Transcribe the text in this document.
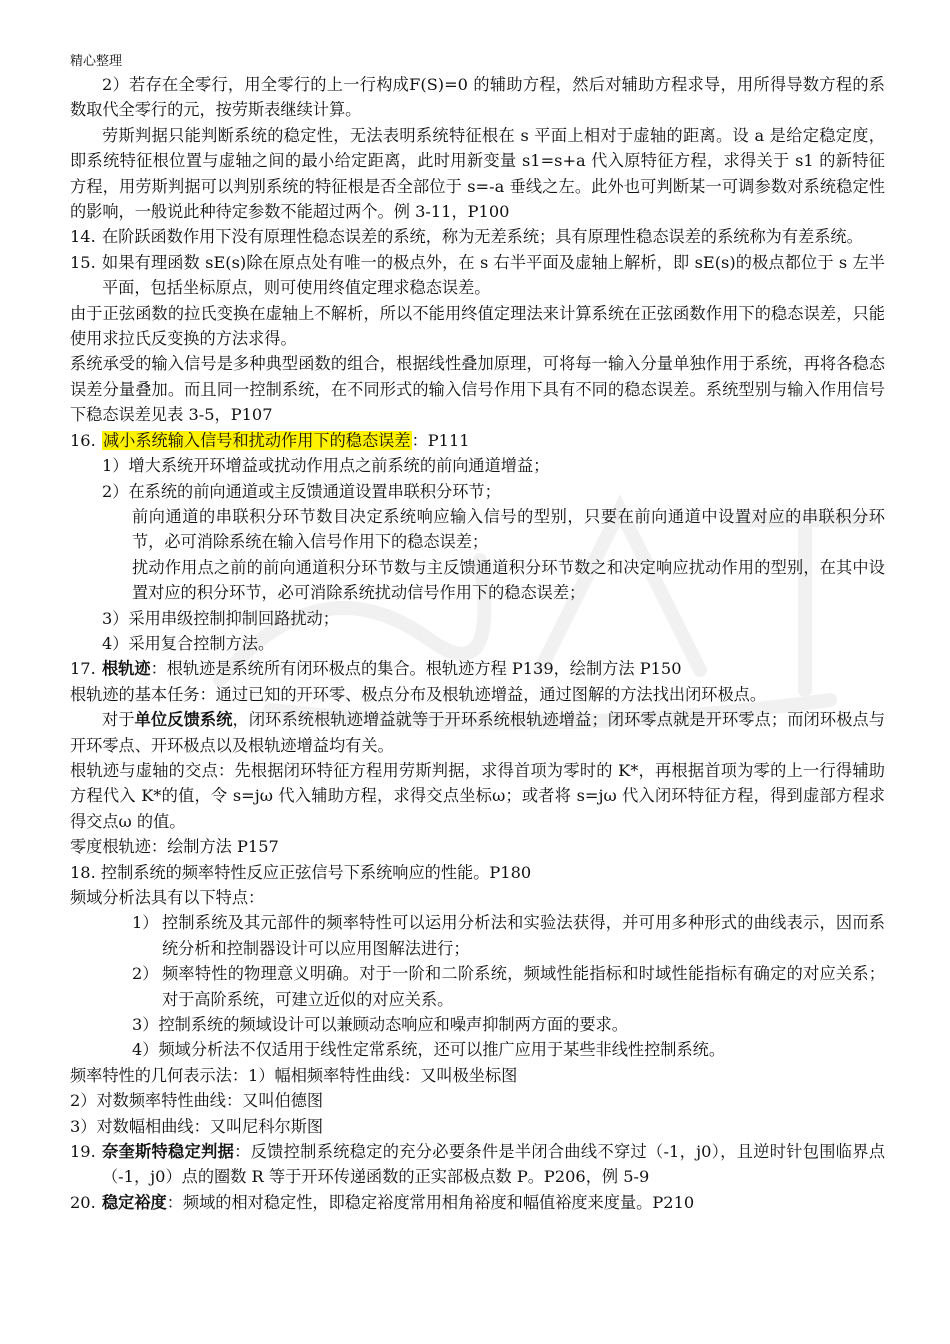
精心整理

2）若存在全零行，用全零行的上一行构成F(S)=0 的辅助方程，然后对辅助方程求导，用所得导数方程的系数取代全零行的元，按劳斯表继续计算。

劳斯判据只能判断系统的稳定性，无法表明系统特征根在 s 平面上相对于虚轴的距离。设 a 是给定稳定度，即系统特征根位置与虚轴之间的最小给定距离，此时用新变量 s1=s+a 代入原特征方程，求得关于 s1 的新特征方程，用劳斯判据可以判别系统的特征根是否全部位于 s=-a 垂线之左。此外也可判断某一可调参数对系统稳定性的影响，一般说此种待定参数不能超过两个。例 3-11，P100

14. 在阶跃函数作用下没有原理性稳态误差的系统，称为无差系统；具有原理性稳态误差的系统称为有差系统。
15. 如果有理函数 sE(s)除在原点处有唯一的极点外，在 s 右半平面及虚轴上解析，即 sE(s)的极点都位于 s 左半平面，包括坐标原点，则可使用终值定理求稳态误差。

由于正弦函数的拉氏变换在虚轴上不解析，所以不能用终值定理法来计算系统在正弦函数作用下的稳态误差，只能使用求拉氏反变换的方法求得。

系统承受的输入信号是多种典型函数的组合，根据线性叠加原理，可将每一输入分量单独作用于系统，再将各稳态误差分量叠加。而且同一控制系统，在不同形式的输入信号作用下具有不同的稳态误差。系统型别与输入作用信号下稳态误差见表 3-5，P107

16. 减小系统输入信号和扰动作用下的稳态误差：P111

1）增大系统开环增益或扰动作用点之前系统的前向通道增益；

2）在系统的前向通道或主反馈通道设置串联积分环节；

前向通道的串联积分环节数目决定系统响应输入信号的型别，只要在前向通道中设置对应的串联积分环节，必可消除系统在输入信号作用下的稳态误差；

扰动作用点之前的前向通道积分环节数与主反馈通道积分环节数之和决定响应扰动作用的型别，在其中设置对应的积分环节，必可消除系统扰动信号作用下的稳态误差；

3）采用串级控制抑制回路扰动；

4）采用复合控制方法。

17. 根轨迹：根轨迹是系统所有闭环极点的集合。根轨迹方程 P139，绘制方法 P150

根轨迹的基本任务：通过已知的开环零、极点分布及根轨迹增益，通过图解的方法找出闭环极点。

对于单位反馈系统，闭环系统根轨迹增益就等于开环系统根轨迹增益；闭环零点就是开环零点；而闭环极点与开环零点、开环极点以及根轨迹增益均有关。

根轨迹与虚轴的交点：先根据闭环特征方程用劳斯判据，求得首项为零时的 K*，再根据首项为零的上一行得辅助方程代入 K*的值，令 s=jω 代入辅助方程，求得交点坐标ω；或者将 s=jω 代入闭环特征方程，得到虚部方程求得交点ω 的值。

零度根轨迹：绘制方法 P157

18. 控制系统的频率特性反应正弦信号下系统响应的性能。P180

频域分析法具有以下特点：

1） 控制系统及其元部件的频率特性可以运用分析法和实验法获得，并可用多种形式的曲线表示，因而系统分析和控制器设计可以应用图解法进行；
2） 频率特性的物理意义明确。对于一阶和二阶系统，频域性能指标和时域性能指标有确定的对应关系；对于高阶系统，可建立近似的对应关系。

3）控制系统的频域设计可以兼顾动态响应和噪声抑制两方面的要求。

4）频域分析法不仅适用于线性定常系统，还可以推广应用于某些非线性控制系统。

频率特性的几何表示法：1）幅相频率特性曲线：又叫极坐标图

2）对数频率特性曲线：又叫伯德图

3）对数幅相曲线：又叫尼科尔斯图

19. 奈奎斯特稳定判据：反馈控制系统稳定的充分必要条件是半闭合曲线不穿过（-1，j0），且逆时针包围临界点（-1，j0）点的圈数 R 等于开环传递函数的正实部极点数 P。P206，例 5-9
20. 稳定裕度：频域的相对稳定性，即稳定裕度常用相角裕度和幅值裕度来度量。P210
